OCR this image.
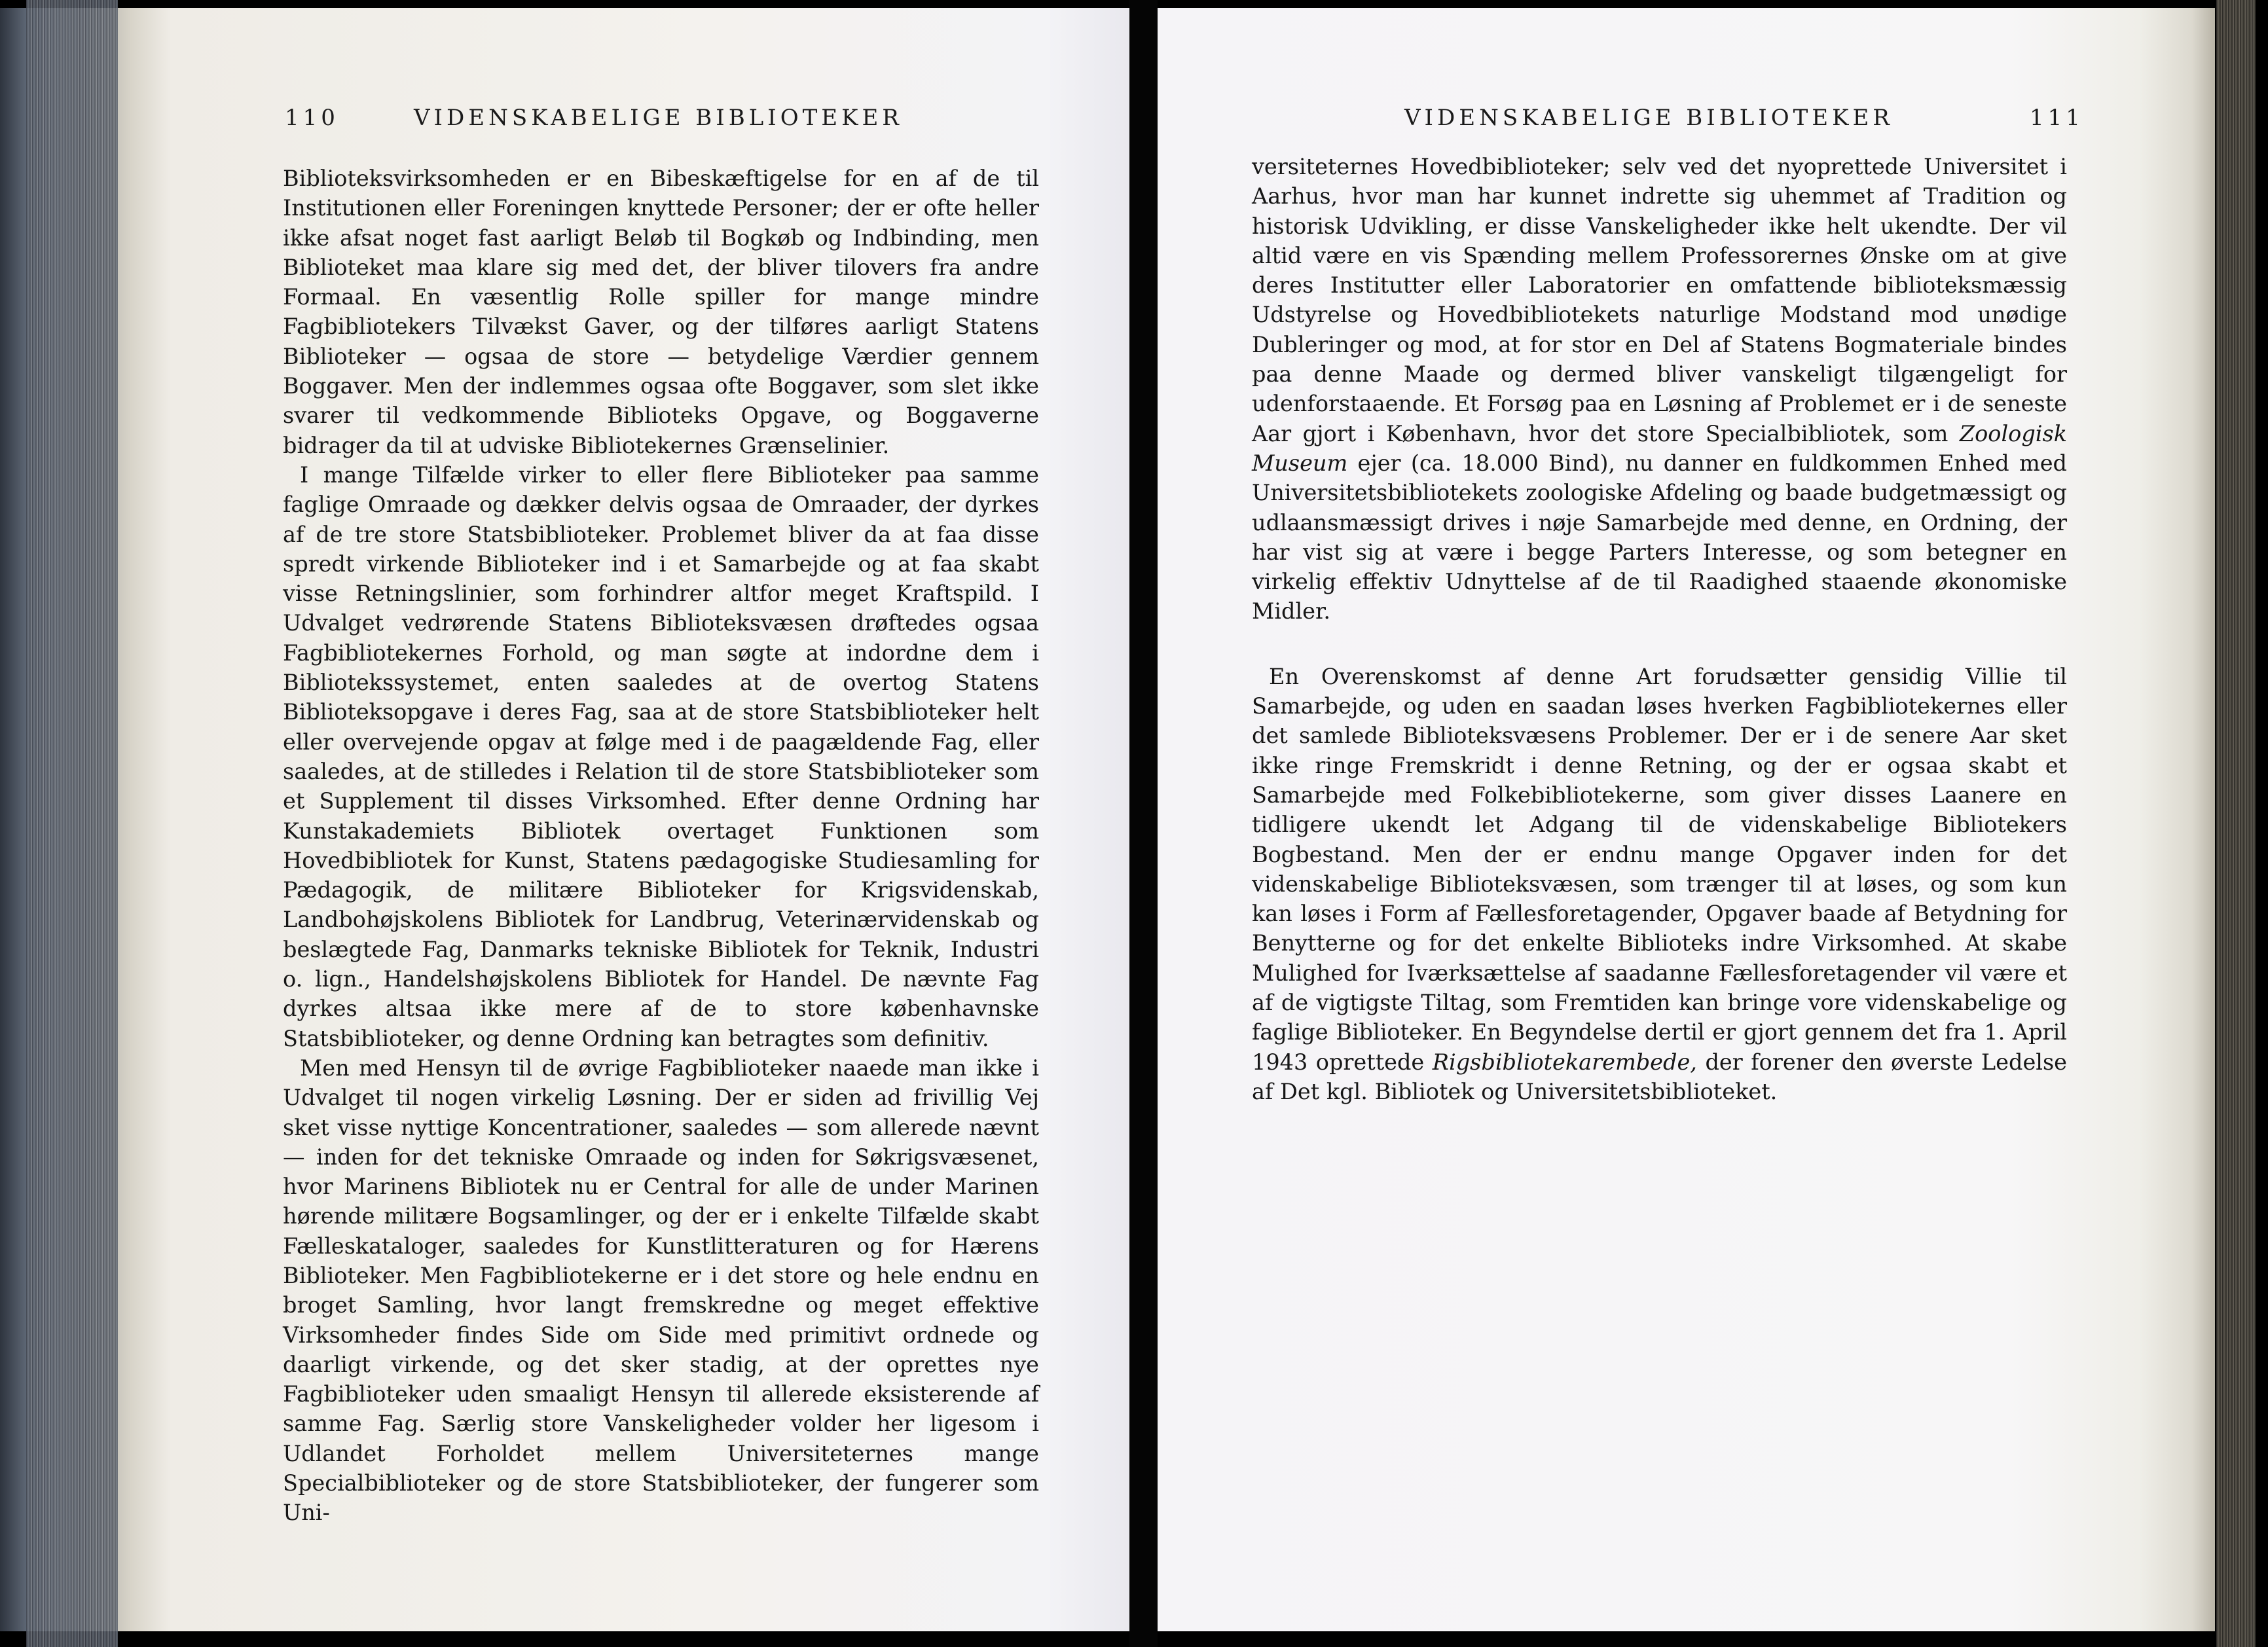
110	VIDENSKABELIGE BIBLIOTEKER

Biblioteksvirksomheden er en Bibeskæftigelse for en af de til Institutionen eller Foreningen knyttede Personer; der er ofte heller ikke afsat noget fast aarligt Beløb til Bogkøb og Indbinding, men Biblioteket maa klare sig med det, der bliver tilovers fra andre Formaal. En væsentlig Rolle spiller for mange mindre Fagbibliotekers Tilvækst Gaver, og der tilføres aarligt Statens Biblioteker — ogsaa de store — betydelige Værdier gennem Boggaver. Men der indlemmes ogsaa ofte Boggaver, som slet ikke svarer til vedkommende Biblioteks Opgave, og Boggaverne bidrager da til at udviske Bibliotekernes Grænselinier.

I mange Tilfælde virker to eller flere Biblioteker paa samme faglige Omraade og dækker delvis ogsaa de Omraader, der dyrkes af de tre store Statsbiblioteker. Problemet bliver da at faa disse spredt virkende Biblioteker ind i et Samarbejde og at faa skabt visse Retningslinier, som forhindrer altfor meget Kraftspild. I Udvalget vedrørende Statens Biblioteksvæsen drøftedes ogsaa Fagbibliotekernes Forhold, og man søgte at indordne dem i Bibliotekssystemet, enten saaledes at de overtog Statens Biblioteksopgave i deres Fag, saa at de store Statsbiblioteker helt eller overvejende opgav at følge med i de paagældende Fag, eller saaledes, at de stilledes i Relation til de store Statsbiblioteker som et Supplement til disses Virksomhed. Efter denne Ordning har Kunstakademiets Bibliotek overtaget Funktionen som Hovedbibliotek for Kunst, Statens pædagogiske Studiesamling for Pædagogik, de militære Biblioteker for Krigsvidenskab, Landbohøjskolens Bibliotek for Landbrug, Veterinærvidenskab og beslægtede Fag, Danmarks tekniske Bibliotek for Teknik, Industri o. lign., Handelshøjskolens Bibliotek for Handel. De nævnte Fag dyrkes altsaa ikke mere af de to store københavnske Statsbiblioteker, og denne Ordning kan betragtes som definitiv.

Men med Hensyn til de øvrige Fagbiblioteker naaede man ikke i Udvalget til nogen virkelig Løsning. Der er siden ad frivillig Vej sket visse nyttige Koncentrationer, saaledes — som allerede nævnt — inden for det tekniske Omraade og inden for Søkrigsvæsenet, hvor Marinens Bibliotek nu er Central for alle de under Marinen hørende militære Bogsamlinger, og der er i enkelte Tilfælde skabt Fælleskataloger, saaledes for Kunstlitteraturen og for Hærens Biblioteker. Men Fagbibliotekerne er i det store og hele endnu en broget Samling, hvor langt fremskredne og meget effektive Virksomheder findes Side om Side med primitivt ordnede og daarligt virkende, og det sker stadig, at der oprettes nye Fagbiblioteker uden smaaligt Hensyn til allerede eksisterende af samme Fag. Særlig store Vanskeligheder volder her ligesom i Udlandet Forholdet mellem Universiteternes mange Specialbiblioteker og de store Statsbiblioteker, der fungerer som Uni-

VIDENSKABELIGE BIBLIOTEKER	111

versiteternes Hovedbiblioteker; selv ved det nyoprettede Universitet i Aarhus, hvor man har kunnet indrette sig uhemmet af Tradition og historisk Udvikling, er disse Vanskeligheder ikke helt ukendte. Der vil altid være en vis Spænding mellem Professorernes Ønske om at give deres Institutter eller Laboratorier en omfattende biblioteksmæssig Udstyrelse og Hovedbibliotekets naturlige Modstand mod unødige Dubleringer og mod, at for stor en Del af Statens Bogmateriale bindes paa denne Maade og dermed bliver vanskeligt tilgængeligt for udenforstaaende. Et Forsøg paa en Løsning af Problemet er i de seneste Aar gjort i København, hvor det store Specialbibliotek, som Zoologisk Museum ejer (ca. 18.000 Bind), nu danner en fuldkommen Enhed med Universitetsbibliotekets zoologiske Afdeling og baade budgetmæssigt og udlaansmæssigt drives i nøje Samarbejde med denne, en Ordning, der har vist sig at være i begge Parters Interesse, og som betegner en virkelig effektiv Udnyttelse af de til Raadighed staaende økonomiske Midler.

En Overenskomst af denne Art forudsætter gensidig Villie til Samarbejde, og uden en saadan løses hverken Fagbibliotekernes eller det samlede Biblioteksvæsens Problemer. Der er i de senere Aar sket ikke ringe Fremskridt i denne Retning, og der er ogsaa skabt et Samarbejde med Folkebibliotekerne, som giver disses Laanere en tidligere ukendt let Adgang til de videnskabelige Bibliotekers Bogbestand. Men der er endnu mange Opgaver inden for det videnskabelige Biblioteksvæsen, som trænger til at løses, og som kun kan løses i Form af Fællesforetagender, Opgaver baade af Betydning for Benytterne og for det enkelte Biblioteks indre Virksomhed. At skabe Mulighed for Iværksættelse af saadanne Fællesforetagender vil være et af de vigtigste Tiltag, som Fremtiden kan bringe vore videnskabelige og faglige Biblioteker. En Begyndelse dertil er gjort gennem det fra 1. April 1943 oprettede Rigsbibliotekarembede, der forener den øverste Ledelse af Det kgl. Bibliotek og Universitetsbiblioteket.
